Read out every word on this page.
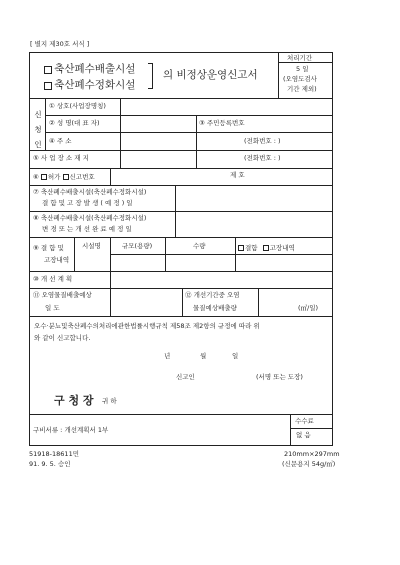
[ 별지 제30호 서식 ]
축산폐수배출시설
축산폐수정화시설
의 비정상운영신고서
처리기간
5 일
(오염도검사
기간 제외)
신 청 인
① 상호(사업장명칭)
② 성 명(대 표 자)	③ 주민등록번호
④ 주 소	(전화번호 : )
⑤ 사 업 장 소 재 지	(전화번호 : )
⑥ 허가 신고번호	제 호
⑦ 축산폐수배출시설(축산폐수정화시설)
결 함 및 고 장 발 생 ( 예 정 ) 일
⑧ 축산폐수배출시설(축산폐수정화시설)
변 경 또 는 개 선 완 료 예 정 일
⑨ 결 함 및
고장내역
시설명	규모(용량)	수량	결함 고장내역
⑩ 개 선 계 획
⑪ 오염물질배출예상
일 도
⑫ 개선기간중 오염
물질예상배출량	(㎥/일)
오수·분뇨및축산폐수의처리에관한법률시행규칙 제58조 제2항의 규정에 따라 위
와 같이 신고합니다.
년	월	일
신고인	(서명 또는 도장)
구 청 장 귀 하
구비서류 : 개선계획서 1부
수수료
없 음
51918-18611민
91. 9. 5. 승인
210mm×297mm
(신문용지 54g/㎡)
